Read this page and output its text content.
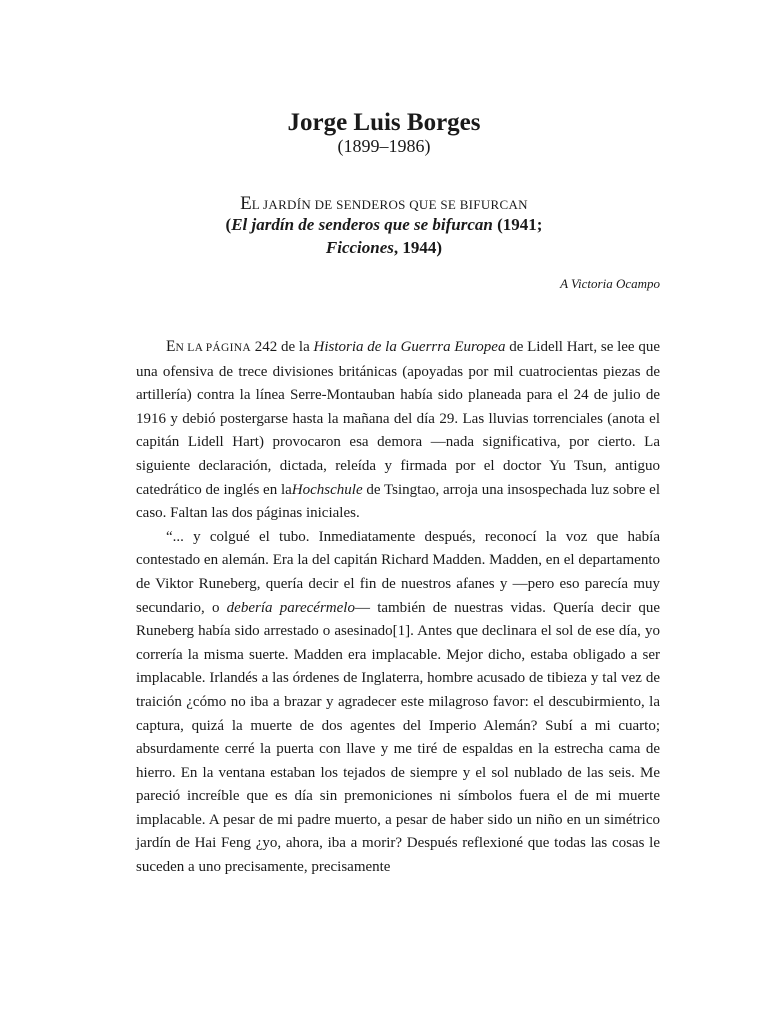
Jorge Luis Borges
(1899–1986)
EL JARDÍN DE SENDEROS QUE SE BIFURCAN
(El jardín de senderos que se bifurcan (1941;
Ficciones, 1944)
A Victoria Ocampo

EN LA PÁGINA 242 de la Historia de la Guerrra Europea de Lidell Hart, se lee que una ofensiva de trece divisiones británicas (apoyadas por mil cuatrocientas piezas de artillería) contra la línea Serre-Montauban había sido planeada para el 24 de julio de 1916 y debió postergarse hasta la mañana del día 29. Las lluvias torrenciales (anota el capitán Lidell Hart) provocaron esa demora —nada significativa, por cierto. La siguiente declaración, dictada, releída y firmada por el doctor Yu Tsun, antiguo catedrático de inglés en laHochschule de Tsingtao, arroja una insospechada luz sobre el caso. Faltan las dos páginas iniciales.

“... y colgué el tubo. Inmediatamente después, reconocí la voz que había contestado en alemán. Era la del capitán Richard Madden. Madden, en el departamento de Viktor Runeberg, quería decir el fin de nuestros afanes y —pero eso parecía muy secundario, o debería parecérmelo— también de nuestras vidas. Quería decir que Runeberg había sido arrestado o asesinado[1]. Antes que declinara el sol de ese día, yo correría la misma suerte. Madden era implacable. Mejor dicho, estaba obligado a ser implacable. Irlandés a las órdenes de Inglaterra, hombre acusado de tibieza y tal vez de traición ¿cómo no iba a brazar y agradecer este milagroso favor: el descubirmiento, la captura, quizá la muerte de dos agentes del Imperio Alemán? Subí a mi cuarto; absurdamente cerré la puerta con llave y me tiré de espaldas en la estrecha cama de hierro. En la ventana estaban los tejados de siempre y el sol nublado de las seis. Me pareció increíble que es día sin premoniciones ni símbolos fuera el de mi muerte implacable. A pesar de mi padre muerto, a pesar de haber sido un niño en un simétrico jardín de Hai Feng ¿yo, ahora, iba a morir? Después reflexioné que todas las cosas le suceden a uno precisamente, precisamente
